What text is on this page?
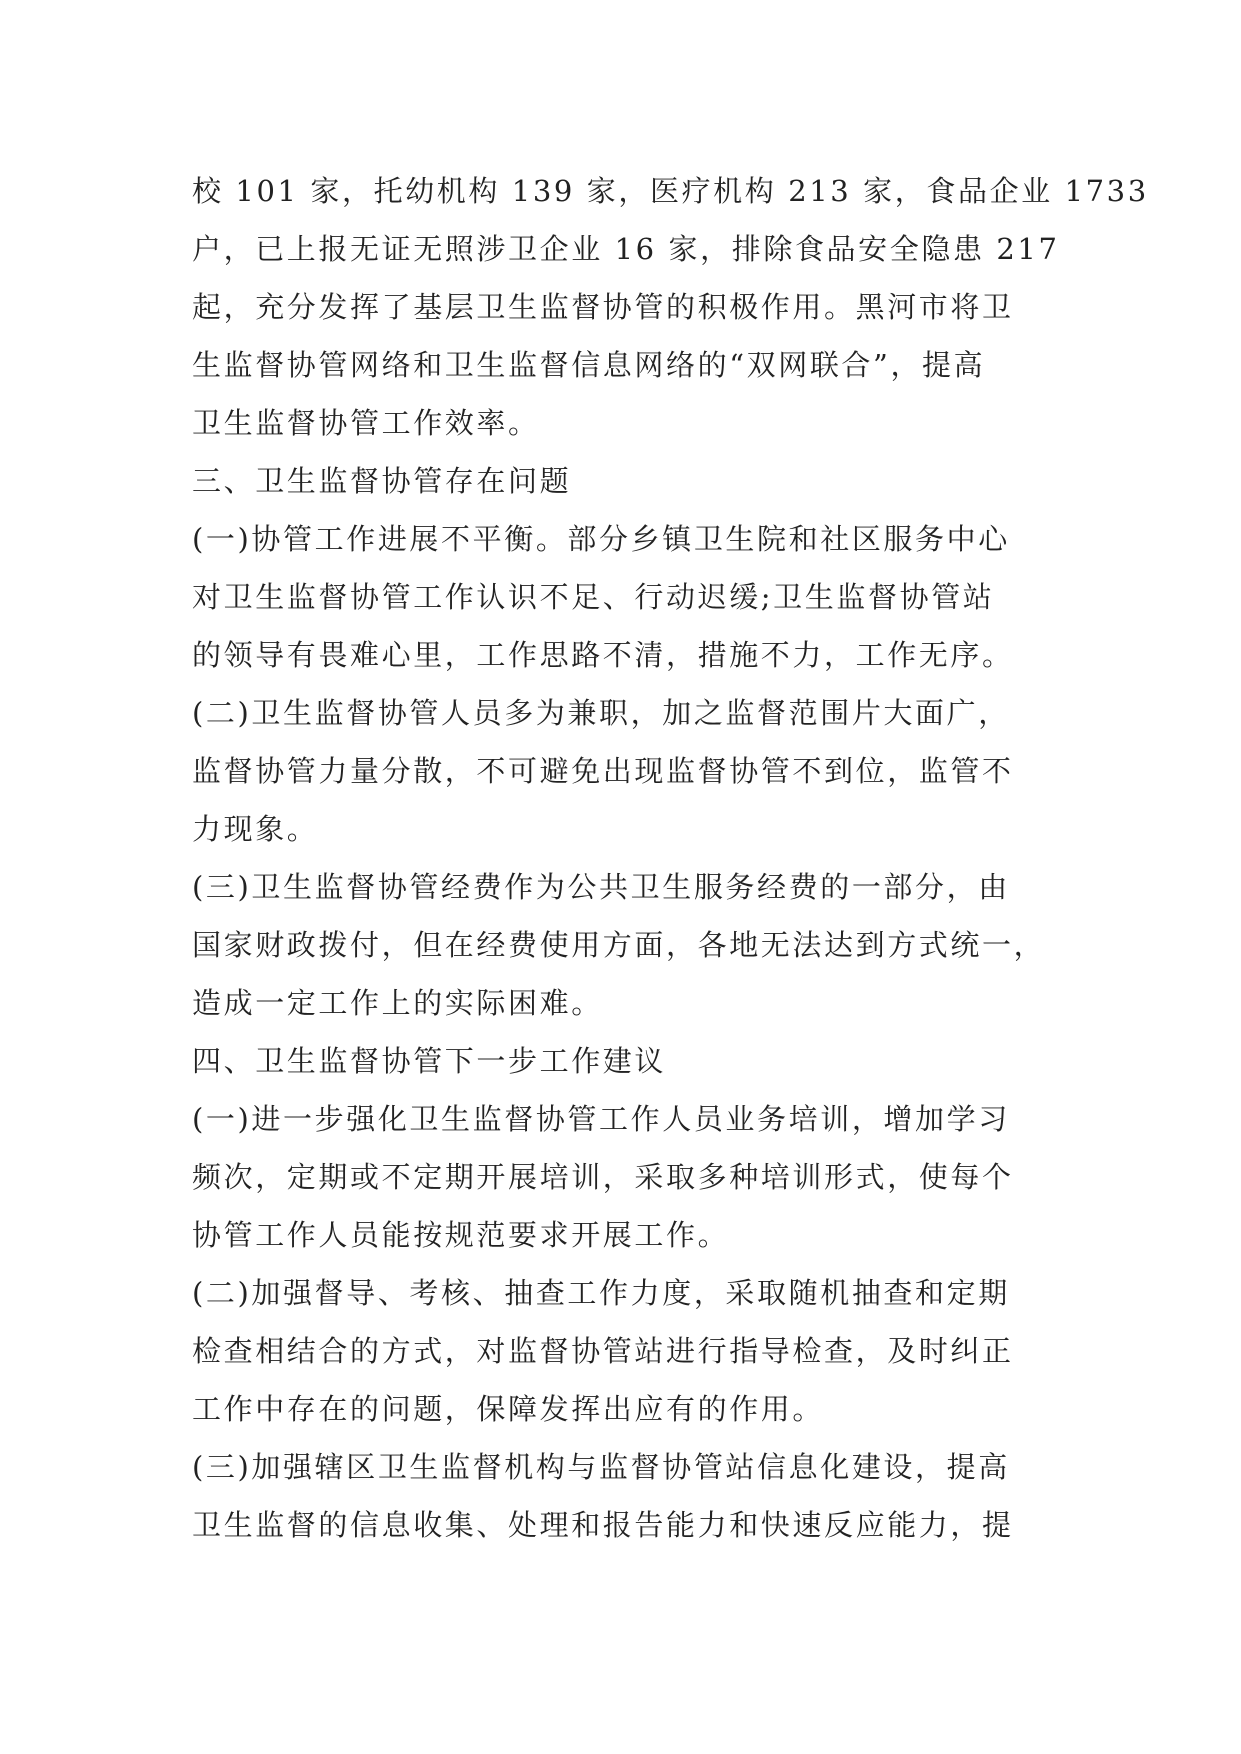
校 101 家，托幼机构 139 家，医疗机构 213 家，食品企业 1733
户，已上报无证无照涉卫企业 16 家，排除食品安全隐患 217
起，充分发挥了基层卫生监督协管的积极作用。黑河市将卫
生监督协管网络和卫生监督信息网络的“双网联合”，提高
卫生监督协管工作效率。
三、卫生监督协管存在问题
(一)协管工作进展不平衡。部分乡镇卫生院和社区服务中心
对卫生监督协管工作认识不足、行动迟缓;卫生监督协管站
的领导有畏难心里，工作思路不清，措施不力，工作无序。
(二)卫生监督协管人员多为兼职，加之监督范围片大面广，
监督协管力量分散，不可避免出现监督协管不到位，监管不
力现象。
(三)卫生监督协管经费作为公共卫生服务经费的一部分，由
国家财政拨付，但在经费使用方面，各地无法达到方式统一，
造成一定工作上的实际困难。
四、卫生监督协管下一步工作建议
(一)进一步强化卫生监督协管工作人员业务培训，增加学习
频次，定期或不定期开展培训，采取多种培训形式，使每个
协管工作人员能按规范要求开展工作。
(二)加强督导、考核、抽查工作力度，采取随机抽查和定期
检查相结合的方式，对监督协管站进行指导检查，及时纠正
工作中存在的问题，保障发挥出应有的作用。
(三)加强辖区卫生监督机构与监督协管站信息化建设，提高
卫生监督的信息收集、处理和报告能力和快速反应能力，提
